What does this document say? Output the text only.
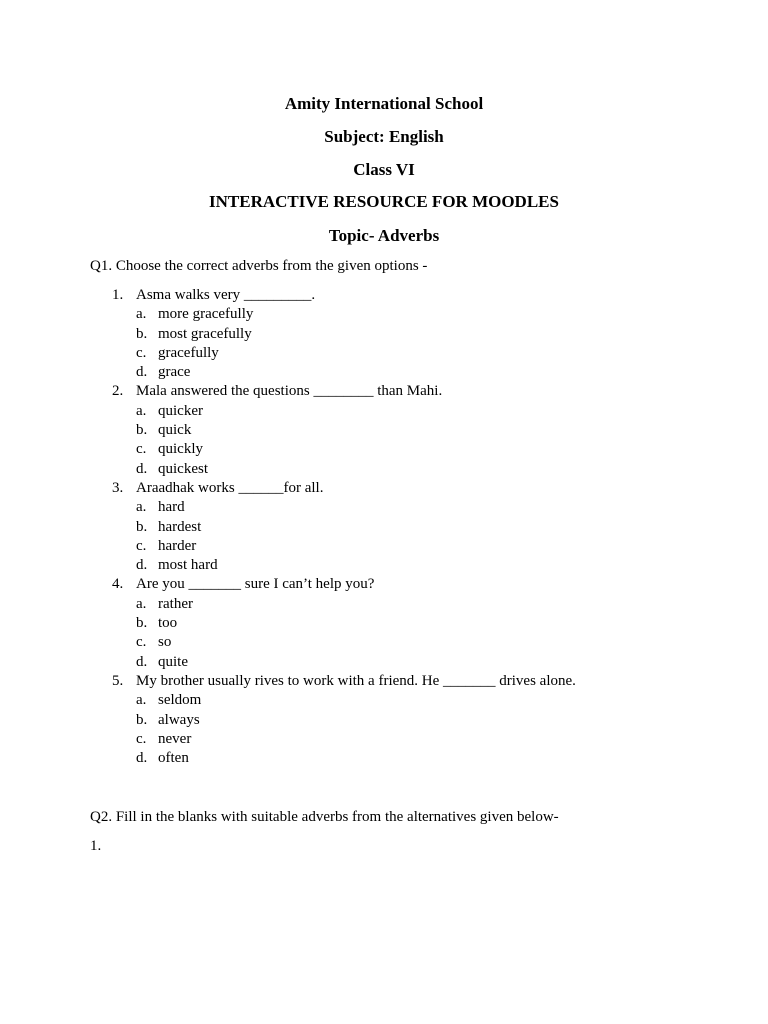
Amity International School
Subject: English
Class VI
INTERACTIVE RESOURCE FOR MOODLES
Topic- Adverbs
Q1. Choose the correct adverbs from the given options -
1. Asma walks very _________.
a. more gracefully
b. most gracefully
c. gracefully
d. grace
2. Mala answered the questions ________ than Mahi.
a. quicker
b. quick
c. quickly
d. quickest
3. Araadhak works ______for all.
a. hard
b. hardest
c. harder
d. most hard
4. Are you _______ sure I can’t help you?
a. rather
b. too
c. so
d. quite
5. My brother usually rives to work with a friend. He _______ drives alone.
a. seldom
b. always
c. never
d. often
Q2. Fill in the blanks with suitable adverbs from the alternatives given below-
1.
